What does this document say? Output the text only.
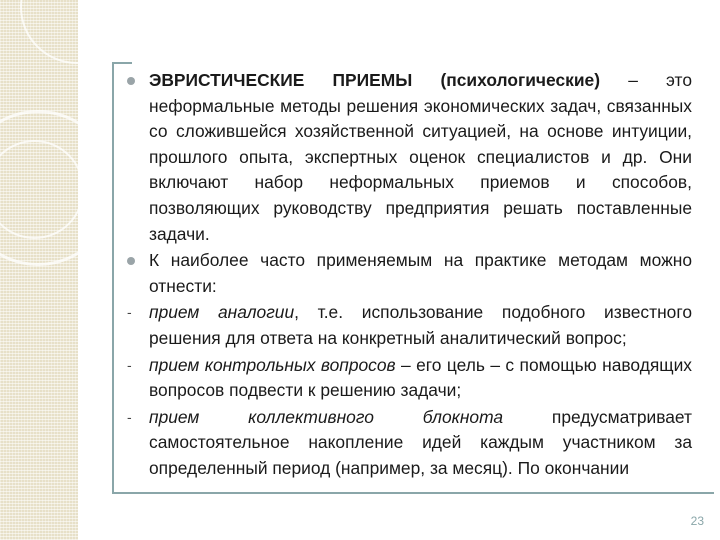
ЭВРИСТИЧЕСКИЕ ПРИЕМЫ (психологические) – это неформальные методы решения экономических задач, связанных со сложившейся хозяйственной ситуацией, на основе интуиции, прошлого опыта, экспертных оценок специалистов и др. Они включают набор неформальных приемов и способов, позволяющих руководству предприятия решать поставленные задачи.

К наиболее часто применяемым на практике методам можно отнести:

- прием аналогии, т.е. использование подобного известного решения для ответа на конкретный аналитический вопрос;

- прием контрольных вопросов – его цель – с помощью наводящих вопросов подвести к решению задачи;

- прием коллективного блокнота предусматривает самостоятельное накопление идей каждым участником за определенный период (например, за месяц). По окончании

23
